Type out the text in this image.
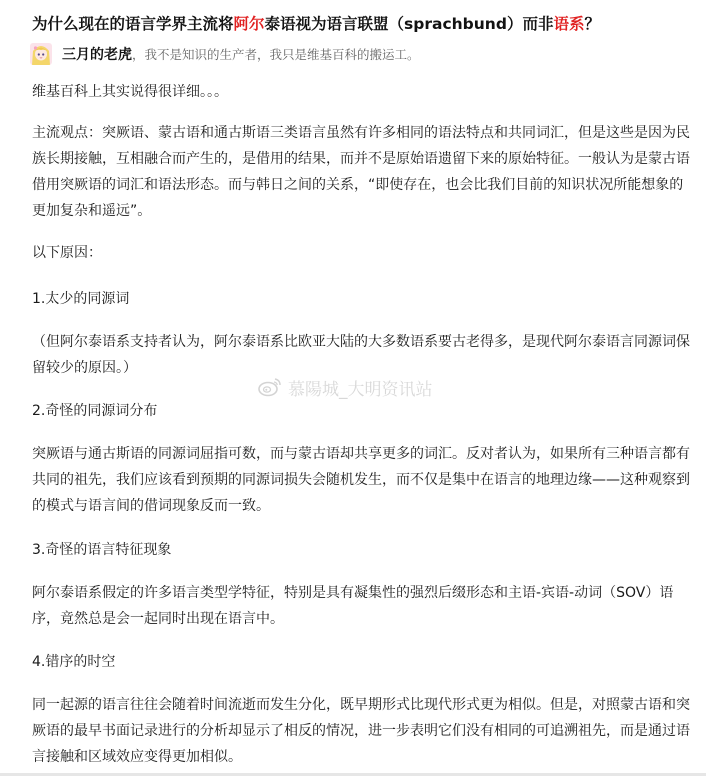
为什么现在的语言学界主流将阿尔泰语视为语言联盟（sprachbund）而非语系？
三月的老虎 ，我不是知识的生产者，我只是维基百科的搬运工。

维基百科上其实说得很详细。。。

主流观点：突厥语、蒙古语和通古斯语三类语言虽然有许多相同的语法特点和共同词汇，但是这些是因为民族长期接触，互相融合而产生的，是借用的结果，而并不是原始语遗留下来的原始特征。一般认为是蒙古语借用突厥语的词汇和语法形态。而与韩日之间的关系，“即使存在，也会比我们目前的知识状况所能想象的更加复杂和遥远”。

以下原因：

1.太少的同源词

（但阿尔泰语系支持者认为，阿尔泰语系比欧亚大陆的大多数语系要古老得多，是现代阿尔泰语言同源词保留较少的原因。）

2.奇怪的同源词分布

突厥语与通古斯语的同源词屈指可数，而与蒙古语却共享更多的词汇。反对者认为，如果所有三种语言都有共同的祖先，我们应该看到预期的同源词损失会随机发生，而不仅是集中在语言的地理边缘——这种观察到的模式与语言间的借词现象反而一致。

3.奇怪的语言特征现象

阿尔泰语系假定的许多语言类型学特征，特别是具有凝集性的强烈后缀形态和主语-宾语-动词（SOV）语序，竟然总是会一起同时出现在语言中。

4.错序的时空

同一起源的语言往往会随着时间流逝而发生分化，既早期形式比现代形式更为相似。但是，对照蒙古语和突厥语的最早书面记录进行的分析却显示了相反的情况，进一步表明它们没有相同的可追溯祖先，而是通过语言接触和区域效应变得更加相似。

慕陽城_大明资讯站
